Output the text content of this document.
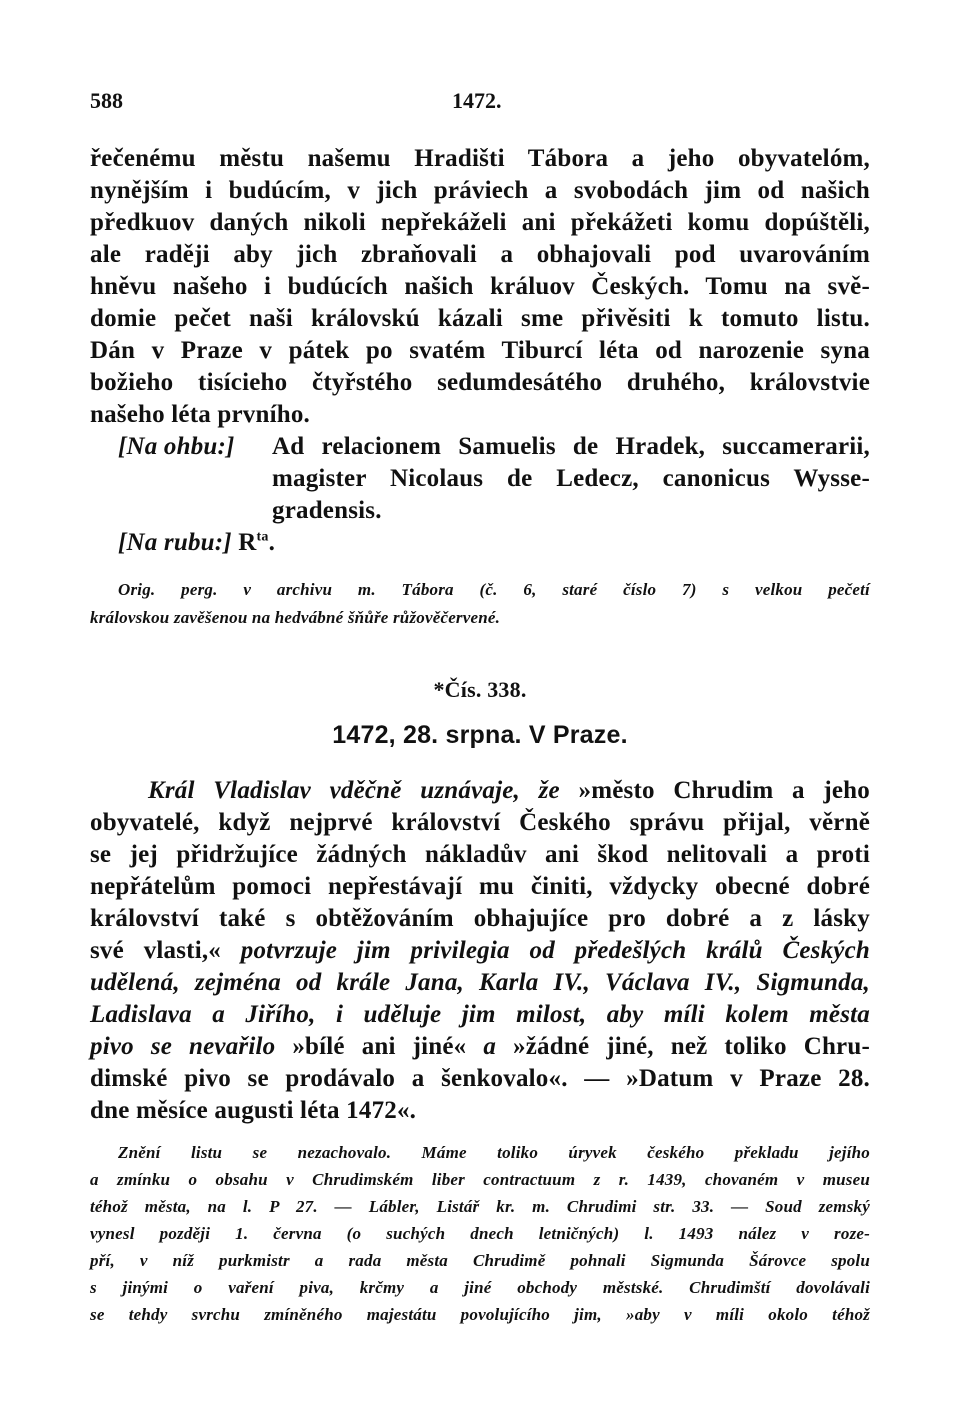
588	1472.
řečenému městu našemu Hradišti Tábora a jeho obyvatelóm,
nynějším i budúcím, v jich práviech a svobodách jim od našich
předkuov daných nikoli nepřekáželi ani překážeti komu dopúštěli,
ale raději aby jich zbraňovali a obhajovali pod uvarováním
hněvu našeho i budúcích našich králuov Českých. Tomu na svě-
domie pečet naši královskú kázali sme přivěsiti k tomuto listu.
Dán v Praze v pátek po svatém Tiburcí léta od narozenie syna
božieho tisícieho čtyřstého sedumdesátého druhého, královstvie
našeho léta prvního.
[Na ohbu:]	Ad relacionem Samuelis de Hradek, succamerarii,
magister Nicolaus de Ledecz, canonicus Wysse-
gradensis.
[Na rubu:] $R^{ta}$.
Orig. perg. v archivu m. Tábora (č. 6, staré číslo 7) s velkou pečetí
královskou zavěšenou na hedvábné šňůře růžověčervené.
*Čís. 338.
1472, 28. srpna. V Praze.
Král Vladislav vděčně uznávaje, že »město Chrudim a jeho
obyvatelé, když nejprvé království Českého správu přijal, věrně
se jej přidržujíce žádných nákladův ani škod nelitovali a proti
nepřátelům pomoci nepřestávají mu činiti, vždycky obecné dobré
království také s obtěžováním obhajujíce pro dobré a z lásky
své vlasti,« potvrzuje jim privilegia od předešlých králů Českých
udělená, zejména od krále Jana, Karla IV., Václava IV., Sigmunda,
Ladislava a Jiřího, i uděluje jim milost, aby míli kolem města
pivo se nevařilo »bílé ani jiné« a »žádné jiné, než toliko Chru-
dimské pivo se prodávalo a šenkovalo«. — »Datum v Praze 28.
dne měsíce augusti léta 1472«.
Znění listu se nezachovalo. Máme toliko úryvek českého překladu jejího
a zmínku o obsahu v Chrudimském liber contractuum z r. 1439, chovaném v museu
téhož města, na l. P 27. — Lábler, Listář kr. m. Chrudimi str. 33. — Soud zemský
vynesl později 1. června (o suchých dnech letničných) l. 1493 nález v roze-
pří, v níž purkmistr a rada města Chrudimě pohnali Sigmunda Šárovce spolu
s jinými o vaření piva, krčmy a jiné obchody městské. Chrudimští dovolávali
se tehdy svrchu zmíněného majestátu povolujícího jim, »aby v míli okolo téhož
